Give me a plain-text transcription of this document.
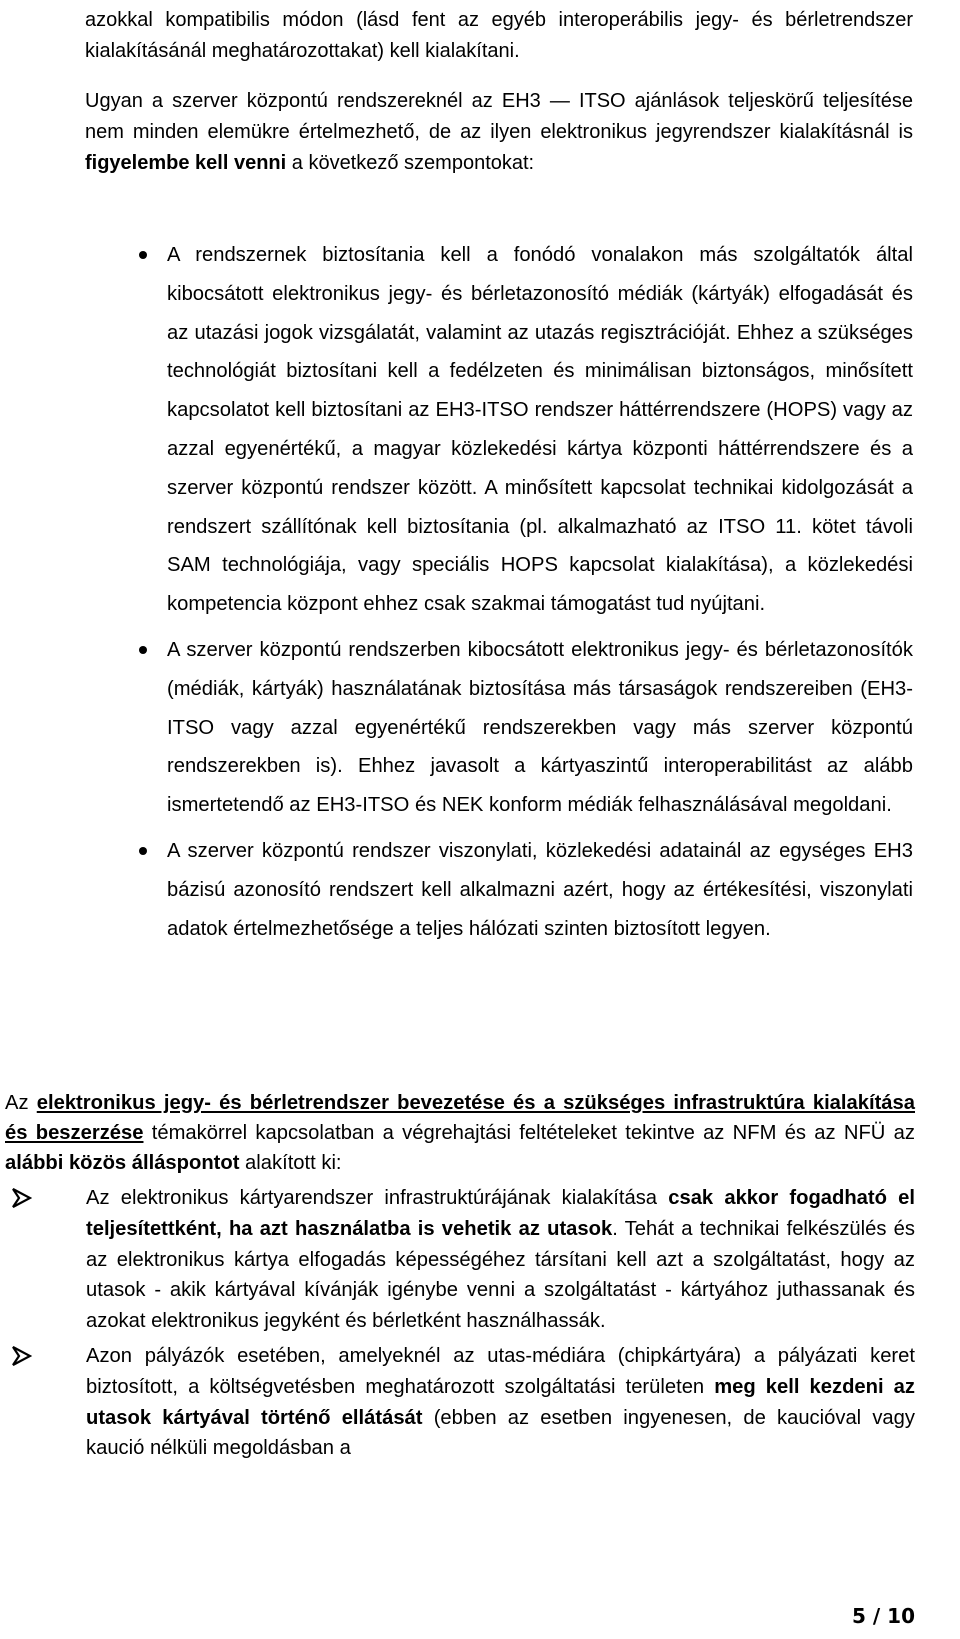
azokkal kompatibilis módon (lásd fent az egyéb interoperábilis jegy- és bérletrendszer kialakításánál meghatározottakat) kell kialakítani.

Ugyan a szerver központú rendszereknél az EH3 — ITSO ajánlások teljeskörű teljesítése nem minden elemükre értelmezhető, de az ilyen elektronikus jegyrendszer kialakításnál is figyelembe kell venni a következő szempontokat:

A rendszernek biztosítania kell a fonódó vonalakon más szolgáltatók által kibocsátott elektronikus jegy- és bérletazonosító médiák (kártyák) elfogadását és az utazási jogok vizsgálatát, valamint az utazás regisztrációját. Ehhez a szükséges technológiát biztosítani kell a fedélzeten és minimálisan biztonságos, minősített kapcsolatot kell biztosítani az EH3-ITSO rendszer háttérrendszere (HOPS) vagy az azzal egyenértékű, a magyar közlekedési kártya központi háttérrendszere és a szerver központú rendszer között. A minősített kapcsolat technikai kidolgozását a rendszert szállítónak kell biztosítania (pl. alkalmazható az ITSO 11. kötet távoli SAM technológiája, vagy speciális HOPS kapcsolat kialakítása), a közlekedési kompetencia központ ehhez csak szakmai támogatást tud nyújtani.

A szerver központú rendszerben kibocsátott elektronikus jegy- és bérletazonosítók (médiák, kártyák) használatának biztosítása más társaságok rendszereiben (EH3-ITSO vagy azzal egyenértékű rendszerekben vagy más szerver központú rendszerekben is). Ehhez javasolt a kártyaszintű interoperabilitást az alább ismertetendő az EH3-ITSO és NEK konform médiák felhasználásával megoldani.

A szerver központú rendszer viszonylati, közlekedési adatainál az egységes EH3 bázisú azonosító rendszert kell alkalmazni azért, hogy az értékesítési, viszonylati adatok értelmezhetősége a teljes hálózati szinten biztosított legyen.

Az elektronikus jegy- és bérletrendszer bevezetése és a szükséges infrastruktúra kialakítása és beszerzése témakörrel kapcsolatban a végrehajtási feltételeket tekintve az NFM és az NFÜ az alábbi közös álláspontot alakított ki:

Az elektronikus kártyarendszer infrastruktúrájának kialakítása csak akkor fogadható el teljesítettként, ha azt használatba is vehetik az utasok. Tehát a technikai felkészülés és az elektronikus kártya elfogadás képességéhez társítani kell azt a szolgáltatást, hogy az utasok - akik kártyával kívánják igénybe venni a szolgáltatást - kártyához juthassanak és azokat elektronikus jegyként és bérletként használhassák.

Azon pályázók esetében, amelyeknél az utas-médiára (chipkártyára) a pályázati keret biztosított, a költségvetésben meghatározott szolgáltatási területen meg kell kezdeni az utasok kártyával történő ellátását (ebben az esetben ingyenesen, de kaucióval vagy kaució nélküli megoldásban a

5 / 10
